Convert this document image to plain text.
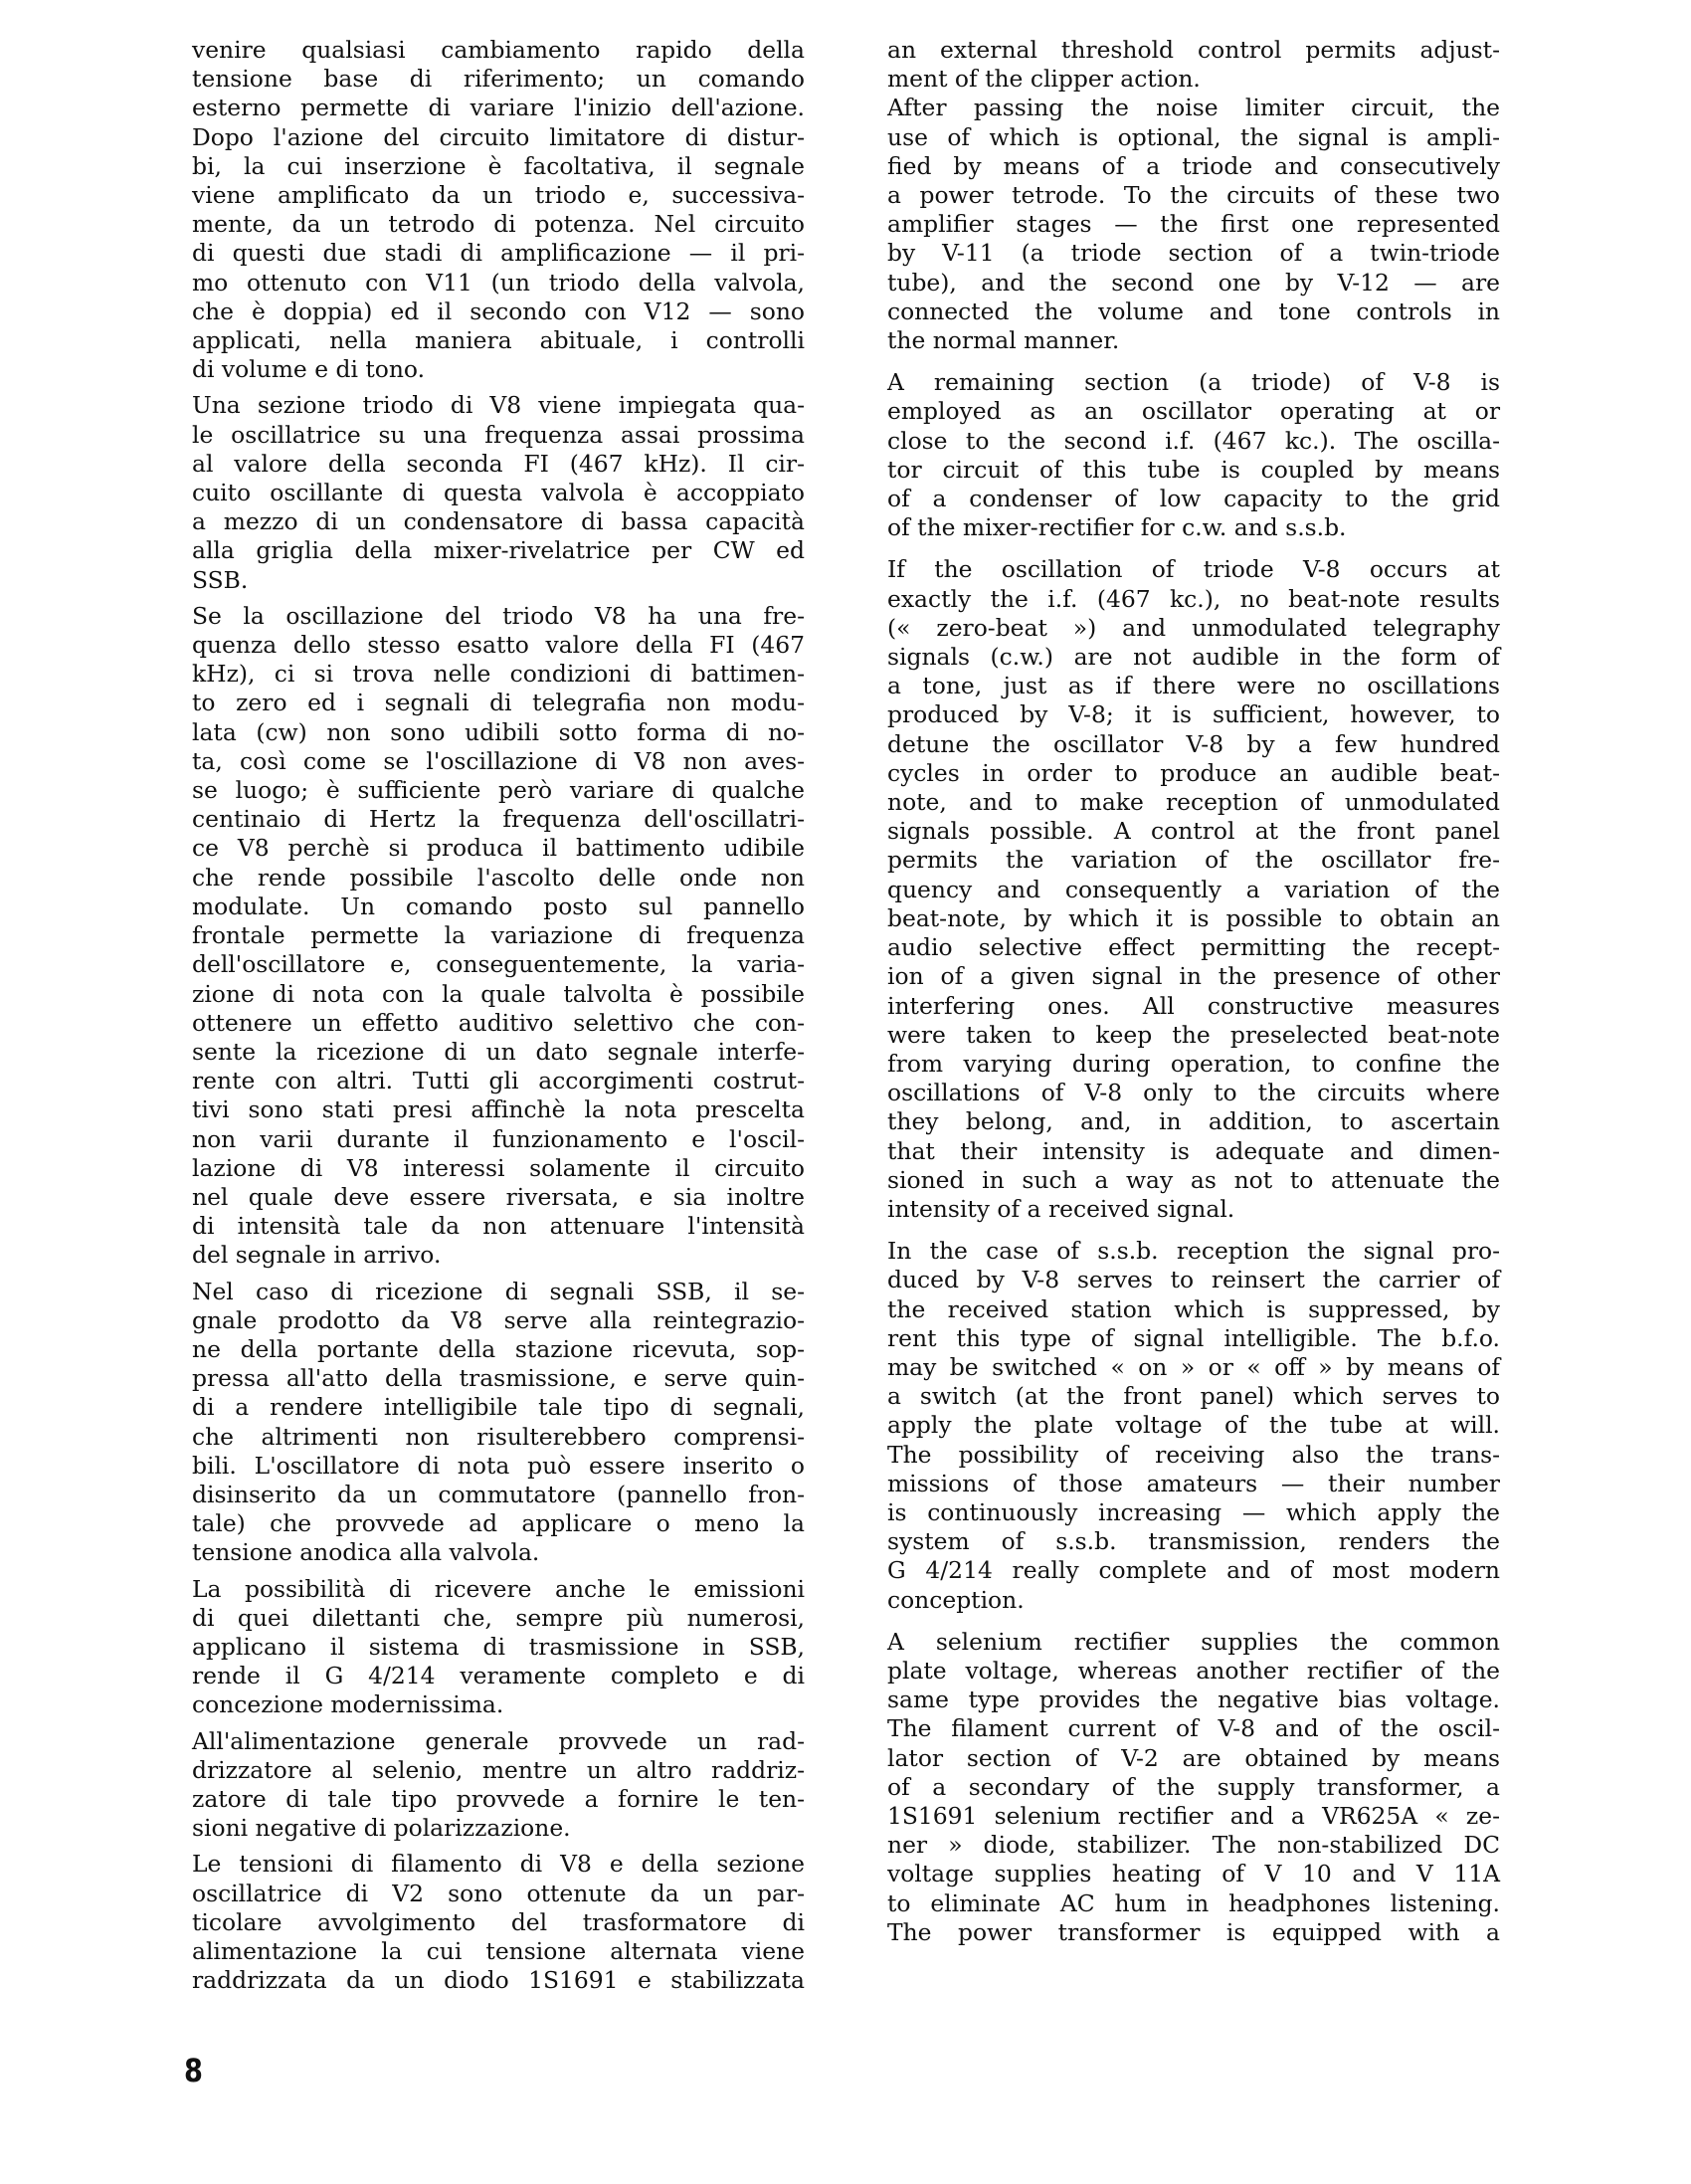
venire qualsiasi cambiamento rapido della
tensione base di riferimento; un comando
esterno permette di variare l'inizio dell'azione.
Dopo l'azione del circuito limitatore di distur-
bi, la cui inserzione è facoltativa, il segnale
viene amplificato da un triodo e, successiva-
mente, da un tetrodo di potenza. Nel circuito
di questi due stadi di amplificazione — il pri-
mo ottenuto con V11 (un triodo della valvola,
che è doppia) ed il secondo con V12 — sono
applicati, nella maniera abituale, i controlli
di volume e di tono.
Una sezione triodo di V8 viene impiegata qua-
le oscillatrice su una frequenza assai prossima
al valore della seconda FI (467 kHz). Il cir-
cuito oscillante di questa valvola è accoppiato
a mezzo di un condensatore di bassa capacità
alla griglia della mixer-rivelatrice per CW ed
SSB.
Se la oscillazione del triodo V8 ha una fre-
quenza dello stesso esatto valore della FI (467
kHz), ci si trova nelle condizioni di battimen-
to zero ed i segnali di telegrafia non modu-
lata (cw) non sono udibili sotto forma di no-
ta, così come se l'oscillazione di V8 non aves-
se luogo; è sufficiente però variare di qualche
centinaio di Hertz la frequenza dell'oscillatri-
ce V8 perchè si produca il battimento udibile
che rende possibile l'ascolto delle onde non
modulate. Un comando posto sul pannello
frontale permette la variazione di frequenza
dell'oscillatore e, conseguentemente, la varia-
zione di nota con la quale talvolta è possibile
ottenere un effetto auditivo selettivo che con-
sente la ricezione di un dato segnale interfe-
rente con altri. Tutti gli accorgimenti costrut-
tivi sono stati presi affinchè la nota prescelta
non varii durante il funzionamento e l'oscil-
lazione di V8 interessi solamente il circuito
nel quale deve essere riversata, e sia inoltre
di intensità tale da non attenuare l'intensità
del segnale in arrivo.
Nel caso di ricezione di segnali SSB, il se-
gnale prodotto da V8 serve alla reintegrazio-
ne della portante della stazione ricevuta, sop-
pressa all'atto della trasmissione, e serve quin-
di a rendere intelligibile tale tipo di segnali,
che altrimenti non risulterebbero comprensi-
bili. L'oscillatore di nota può essere inserito o
disinserito da un commutatore (pannello fron-
tale) che provvede ad applicare o meno la
tensione anodica alla valvola.
La possibilità di ricevere anche le emissioni
di quei dilettanti che, sempre più numerosi,
applicano il sistema di trasmissione in SSB,
rende il G 4/214 veramente completo e di
concezione modernissima.
All'alimentazione generale provvede un rad-
drizzatore al selenio, mentre un altro raddriz-
zatore di tale tipo provvede a fornire le ten-
sioni negative di polarizzazione.
Le tensioni di filamento di V8 e della sezione
oscillatrice di V2 sono ottenute da un par-
ticolare avvolgimento del trasformatore di
alimentazione la cui tensione alternata viene
raddrizzata da un diodo 1S1691 e stabilizzata
an external threshold control permits adjust-
ment of the clipper action.
After passing the noise limiter circuit, the
use of which is optional, the signal is ampli-
fied by means of a triode and consecutively
a power tetrode. To the circuits of these two
amplifier stages — the first one represented
by V-11 (a triode section of a twin-triode
tube), and the second one by V-12 — are
connected the volume and tone controls in
the normal manner.
A remaining section (a triode) of V-8 is
employed as an oscillator operating at or
close to the second i.f. (467 kc.). The oscilla-
tor circuit of this tube is coupled by means
of a condenser of low capacity to the grid
of the mixer-rectifier for c.w. and s.s.b.
If the oscillation of triode V-8 occurs at
exactly the i.f. (467 kc.), no beat-note results
(« zero-beat ») and unmodulated telegraphy
signals (c.w.) are not audible in the form of
a tone, just as if there were no oscillations
produced by V-8; it is sufficient, however, to
detune the oscillator V-8 by a few hundred
cycles in order to produce an audible beat-
note, and to make reception of unmodulated
signals possible. A control at the front panel
permits the variation of the oscillator fre-
quency and consequently a variation of the
beat-note, by which it is possible to obtain an
audio selective effect permitting the recept-
ion of a given signal in the presence of other
interfering ones. All constructive measures
were taken to keep the preselected beat-note
from varying during operation, to confine the
oscillations of V-8 only to the circuits where
they belong, and, in addition, to ascertain
that their intensity is adequate and dimen-
sioned in such a way as not to attenuate the
intensity of a received signal.
In the case of s.s.b. reception the signal pro-
duced by V-8 serves to reinsert the carrier of
the received station which is suppressed, by
rent this type of signal intelligible. The b.f.o.
may be switched « on » or « off » by means of
a switch (at the front panel) which serves to
apply the plate voltage of the tube at will.
The possibility of receiving also the trans-
missions of those amateurs — their number
is continuously increasing — which apply the
system of s.s.b. transmission, renders the
G 4/214 really complete and of most modern
conception.
A selenium rectifier supplies the common
plate voltage, whereas another rectifier of the
same type provides the negative bias voltage.
The filament current of V-8 and of the oscil-
lator section of V-2 are obtained by means
of a secondary of the supply transformer, a
1S1691 selenium rectifier and a VR625A « ze-
ner » diode, stabilizer. The non-stabilized DC
voltage supplies heating of V 10 and V 11A
to eliminate AC hum in headphones listening.
The power transformer is equipped with a
8
